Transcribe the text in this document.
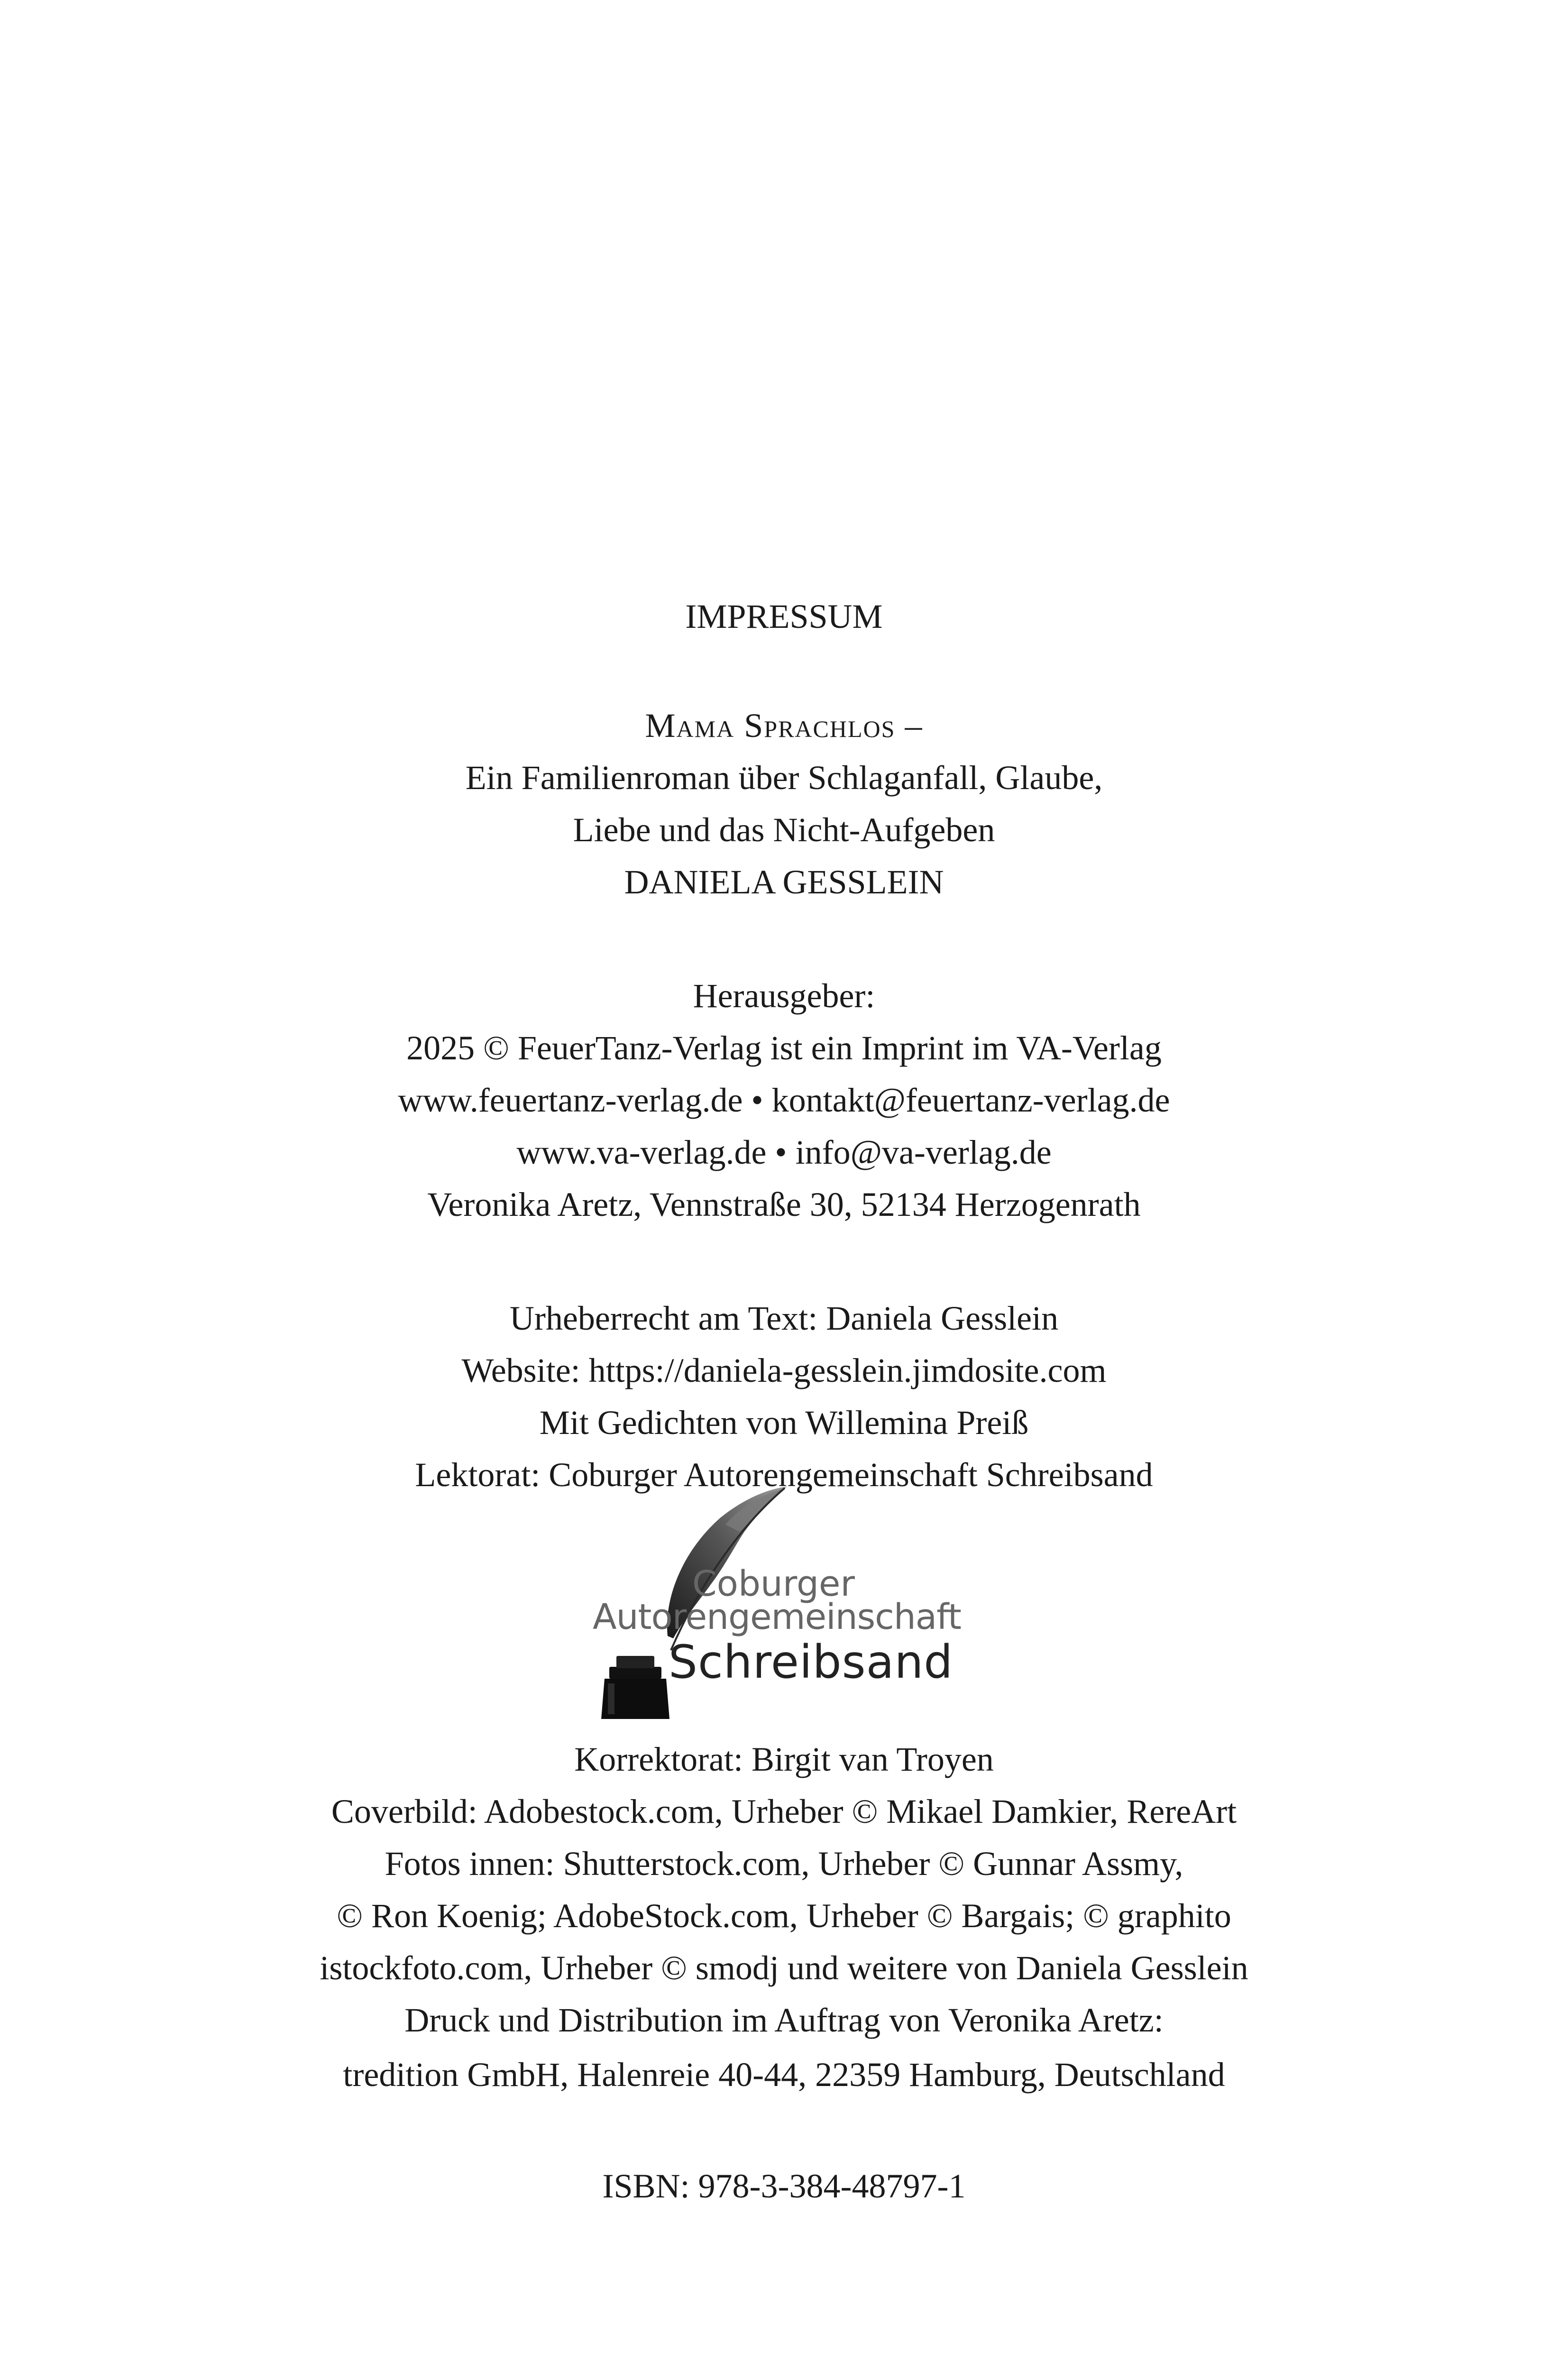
IMPRESSUM

Mama Sprachlos –

Ein Familienroman über Schlaganfall, Glaube,

Liebe und das Nicht-Aufgeben

DANIELA GESSLEIN

Herausgeber:

2025 © FeuerTanz-Verlag ist ein Imprint im VA-Verlag

www.feuertanz-verlag.de • kontakt@feuertanz-verlag.de

www.va-verlag.de • info@va-verlag.de

Veronika Aretz, Vennstraße 30, 52134 Herzogenrath

Urheberrecht am Text: Daniela Gesslein

Website: https://daniela-gesslein.jimdosite.com

Mit Gedichten von Willemina Preiß

Lektorat: Coburger Autorengemeinschaft Schreibsand

Coburger
Autorengemeinschaft
Schreibsand

Korrektorat: Birgit van Troyen

Coverbild: Adobestock.com, Urheber © Mikael Damkier, RereArt

Fotos innen: Shutterstock.com, Urheber © Gunnar Assmy,

© Ron Koenig; AdobeStock.com, Urheber © Bargais; © graphito

istockfoto.com, Urheber © smodj und weitere von Daniela Gesslein

Druck und Distribution im Auftrag von Veronika Aretz:

tredition GmbH, Halenreie 40-44, 22359 Hamburg, Deutschland

ISBN: 978-3-384-48797-1
